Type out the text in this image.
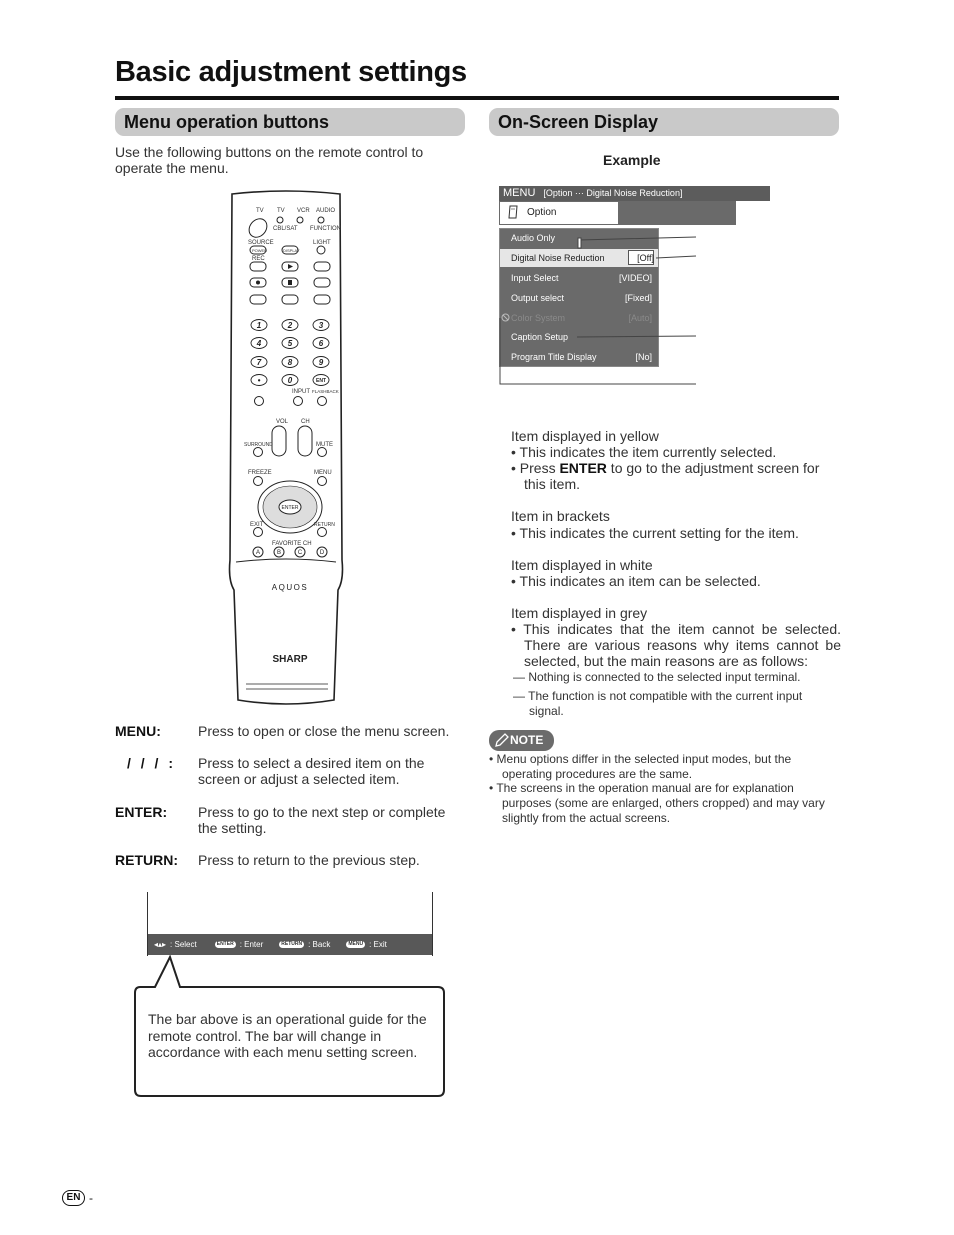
Basic adjustment settings
Menu operation buttons	On-Screen Display
Use the following buttons on the remote control to operate the menu.	Example
TV TV VCR AUDIO
CBL/SAT FUNCTION
SOURCE
POWER	DISPLAY
LIGHT
REC
1	2	3
4	5	6
7	8	9
•	0	ENT
INPUT FLASHBACK
VOL CH
SURROUND	MUTE
FREEZE	MENU
ENTER
EXIT	RETURN
FAVORITE CH
A	B	C	D
AQUOS
SHARP
MENU:	Press to open or close the menu screen.
/ / / : Press to select a desired item on the screen or adjust a selected item.
ENTER: Press to go to the next step or complete the setting.
RETURN: Press to return to the previous step.
◂▴▸ : Select	ENTER : Enter	RETURN : Back	MENU : Exit
The bar above is an operational guide for the remote control. The bar will change in accordance with each menu setting screen.
MENU [Option ··· Digital Noise Reduction]
Option
Audio Only
Digital Noise Reduction	[Off]
Input Select	[VIDEO]
Output select	[Fixed]
Color System	[Auto]
Caption Setup
Program Title Display	[No]
Item displayed in yellow
• This indicates the item currently selected.
• Press ENTER to go to the adjustment screen for this item.
Item in brackets
• This indicates the current setting for the item.
Item displayed in white
• This indicates an item can be selected.
Item displayed in grey
• This indicates that the item cannot be selected. There are various reasons why items cannot be selected, but the main reasons are as follows:
— Nothing is connected to the selected input terminal.
— The function is not compatible with the current input signal.
NOTE
• Menu options differ in the selected input modes, but the operating procedures are the same.
• The screens in the operation manual are for explanation purposes (some are enlarged, others cropped) and may vary slightly from the actual screens.
EN -
